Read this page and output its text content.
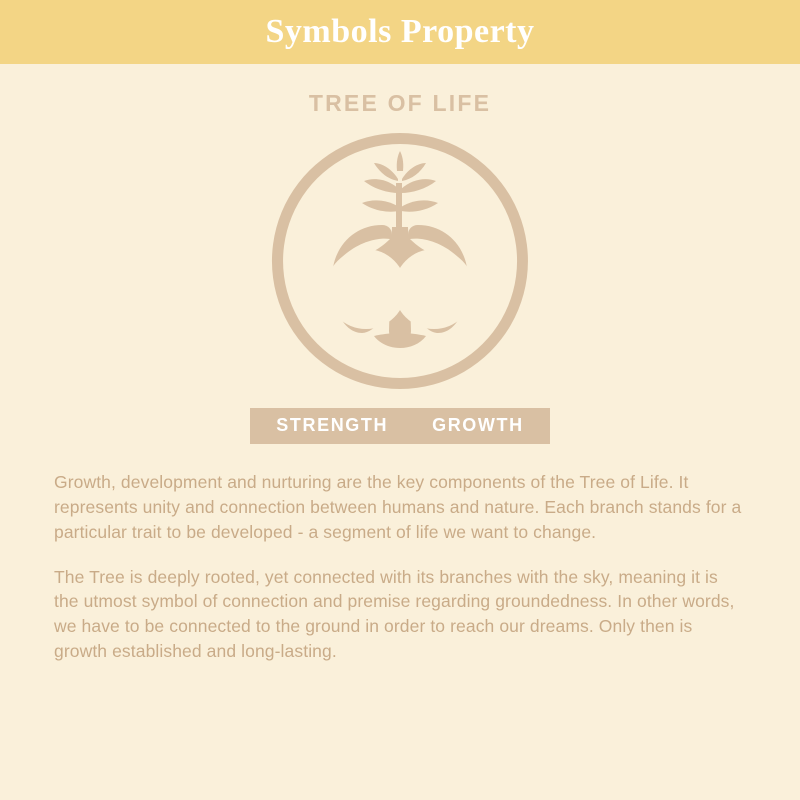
Symbols Property
TREE OF LIFE
STRENGTH GROWTH

Growth, development and nurturing are the key components of the Tree of Life. It represents unity and connection between humans and nature. Each branch stands for a particular trait to be developed - a segment of life we want to change.

The Tree is deeply rooted, yet connected with its branches with the sky, meaning it is the utmost symbol of connection and premise regarding groundedness. In other words, we have to be connected to the ground in order to reach our dreams. Only then is growth established and long-lasting.
